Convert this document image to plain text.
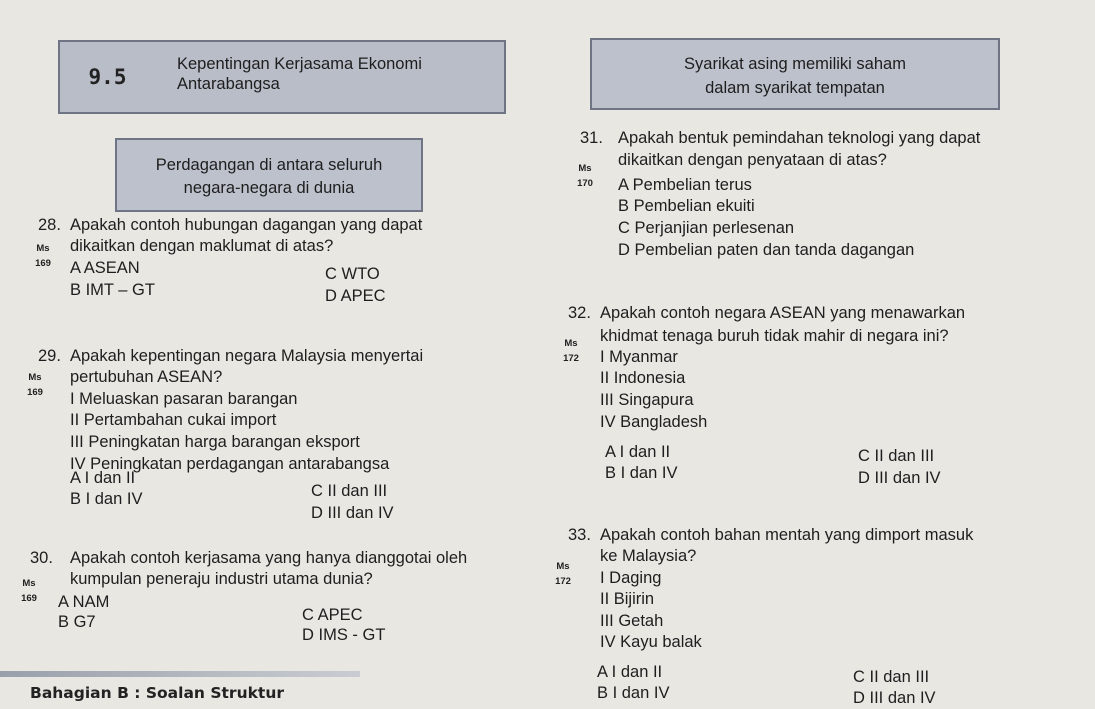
9.5
Kepentingan Kerjasama Ekonomi
Antarabangsa
Syarikat asing memiliki saham
dalam syarikat tempatan
Perdagangan di antara seluruh
negara-negara di dunia
28. Apakah contoh hubungan dagangan yang dapat
dikaitkan dengan maklumat di atas?
Ms
169	A ASEAN
B IMT – GT
C WTO
D APEC
29. Apakah kepentingan negara Malaysia menyertai
pertubuhan ASEAN?
Ms
169	I Meluaskan pasaran barangan
II Pertambahan cukai import
III Peningkatan harga barangan eksport
IV Peningkatan perdagangan antarabangsa
A I dan II
B I dan IV	C II dan III
D III dan IV
30. Apakah contoh kerjasama yang hanya dianggotai oleh
kumpulan peneraju industri utama dunia?
Ms
169	A NAM
B G7	C APEC
D IMS - GT
31. Apakah bentuk pemindahan teknologi yang dapat
dikaitkan dengan penyataan di atas?
Ms
170	A Pembelian terus
B Pembelian ekuiti
C Perjanjian perlesenan
D Pembelian paten dan tanda dagangan
32. Apakah contoh negara ASEAN yang menawarkan
khidmat tenaga buruh tidak mahir di negara ini?
Ms
172	I Myanmar
II Indonesia
III Singapura
IV Bangladesh
A I dan II
B I dan IV
C II dan III
D III dan IV
33. Apakah contoh bahan mentah yang dimport masuk
ke Malaysia?
Ms
172	I Daging
II Bijirin
III Getah
IV Kayu balak
A I dan II
B I dan IV
C II dan III
D III dan IV
Bahagian B : Soalan Struktur
